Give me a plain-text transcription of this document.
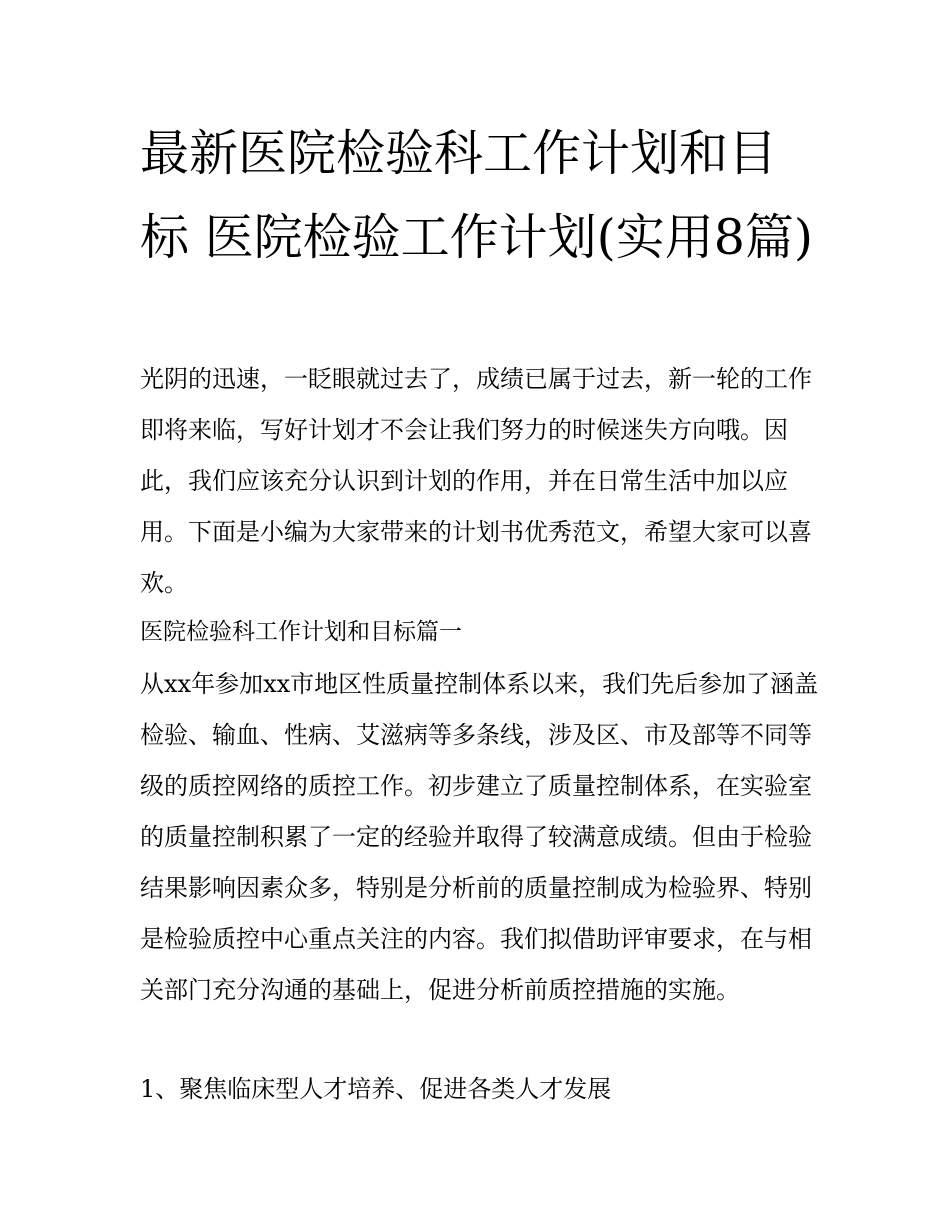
最新医院检验科工作计划和目标 医院检验工作计划(实用8篇)

光阴的迅速，一眨眼就过去了，成绩已属于过去，新一轮的工作即将来临，写好计划才不会让我们努力的时候迷失方向哦。因此，我们应该充分认识到计划的作用，并在日常生活中加以应用。下面是小编为大家带来的计划书优秀范文，希望大家可以喜欢。

医院检验科工作计划和目标篇一

从xx年参加xx市地区性质量控制体系以来，我们先后参加了涵盖检验、输血、性病、艾滋病等多条线，涉及区、市及部等不同等级的质控网络的质控工作。初步建立了质量控制体系，在实验室的质量控制积累了一定的经验并取得了较满意成绩。但由于检验结果影响因素众多，特别是分析前的质量控制成为检验界、特别是检验质控中心重点关注的内容。我们拟借助评审要求，在与相关部门充分沟通的基础上，促进分析前质控措施的实施。

1、聚焦临床型人才培养、促进各类人才发展
